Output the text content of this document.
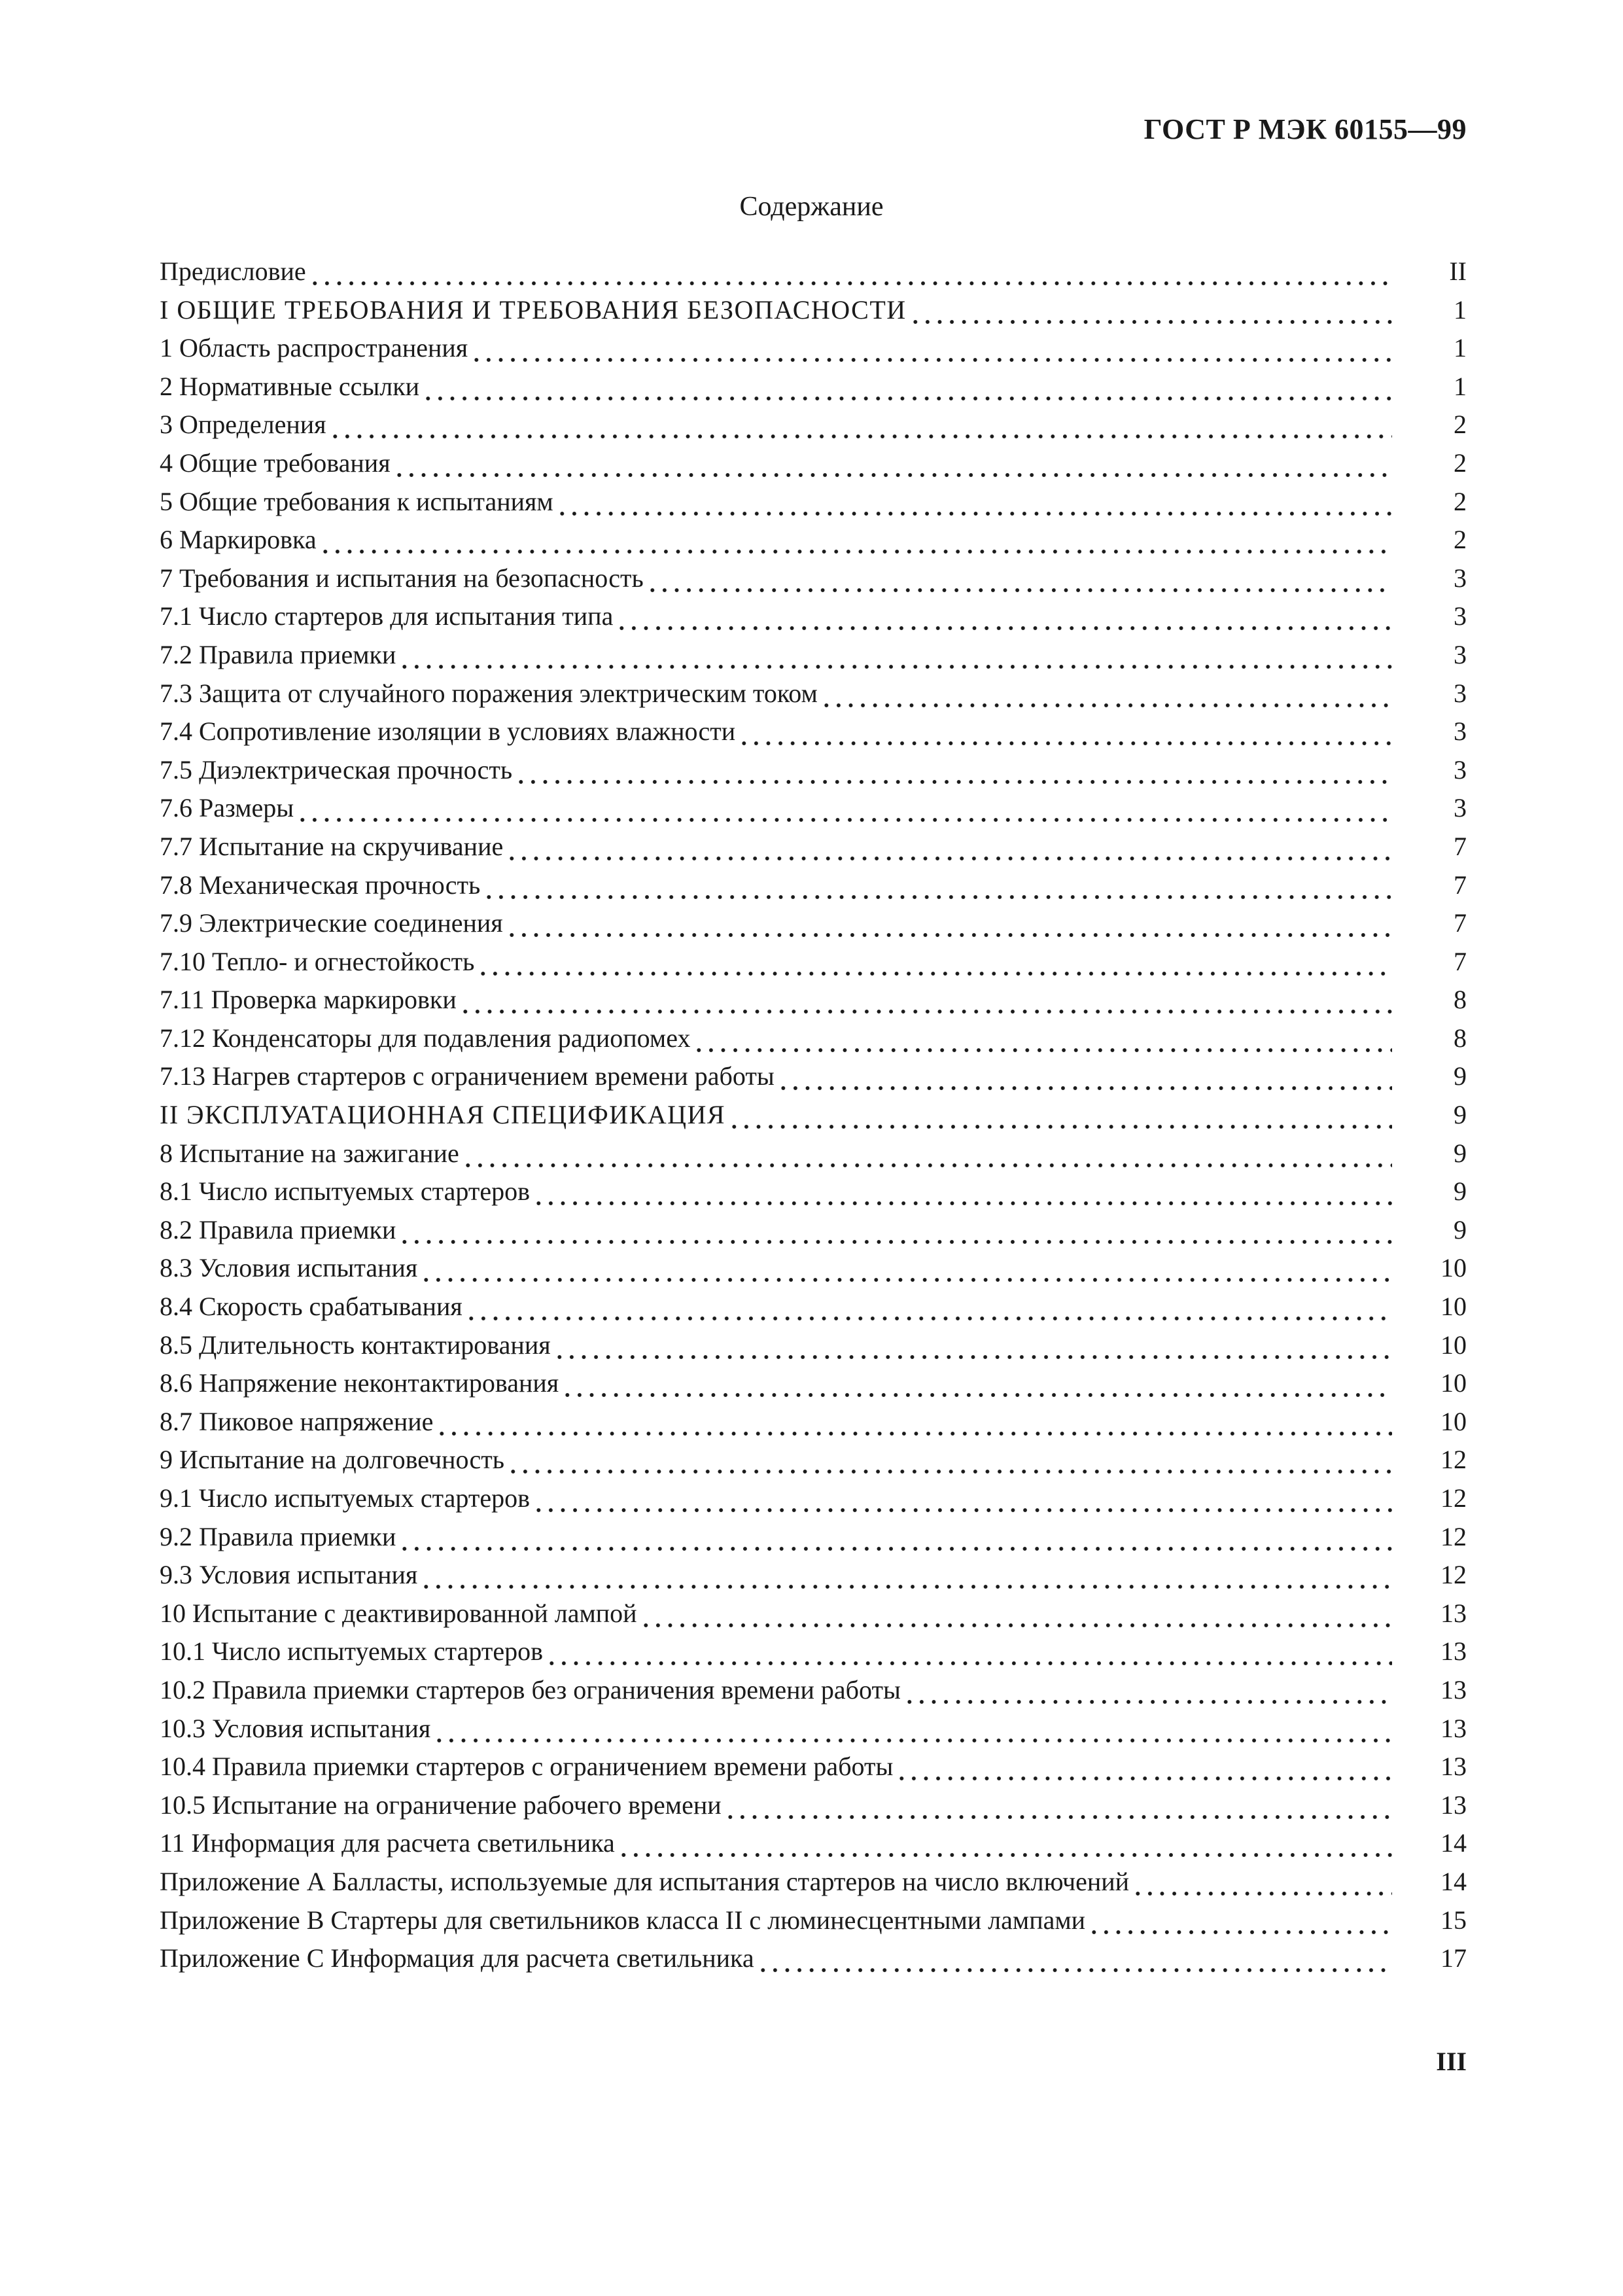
ГОСТ Р МЭК 60155—99
Содержание
Предисловие	II
I ОБЩИЕ ТРЕБОВАНИЯ И ТРЕБОВАНИЯ БЕЗОПАСНОСТИ	1
1 Область распространения	1
2 Нормативные ссылки	1
3 Определения	2
4 Общие требования	2
5 Общие требования к испытаниям	2
6 Маркировка	2
7 Требования и испытания на безопасность	3
7.1 Число стартеров для испытания типа	3
7.2 Правила приемки	3
7.3 Защита от случайного поражения электрическим током	3
7.4 Сопротивление изоляции в условиях влажности	3
7.5 Диэлектрическая прочность	3
7.6 Размеры	3
7.7 Испытание на скручивание	7
7.8 Механическая прочность	7
7.9 Электрические соединения	7
7.10 Тепло- и огнестойкость	7
7.11 Проверка маркировки	8
7.12 Конденсаторы для подавления радиопомех	8
7.13 Нагрев стартеров с ограничением времени работы	9
II ЭКСПЛУАТАЦИОННАЯ СПЕЦИФИКАЦИЯ	9
8 Испытание на зажигание	9
8.1 Число испытуемых стартеров	9
8.2 Правила приемки	9
8.3 Условия испытания	10
8.4 Скорость срабатывания	10
8.5 Длительность контактирования	10
8.6 Напряжение неконтактирования	10
8.7 Пиковое напряжение	10
9 Испытание на долговечность	12
9.1 Число испытуемых стартеров	12
9.2 Правила приемки	12
9.3 Условия испытания	12
10 Испытание с деактивированной лампой	13
10.1 Число испытуемых стартеров	13
10.2 Правила приемки стартеров без ограничения времени работы	13
10.3 Условия испытания	13
10.4 Правила приемки стартеров с ограничением времени работы	13
10.5 Испытание на ограничение рабочего времени	13
11 Информация для расчета светильника	14
Приложение А Балласты, используемые для испытания стартеров на число включений	14
Приложение В Стартеры для светильников класса II с люминесцентными лампами	15
Приложение С Информация для расчета светильника	17
III
